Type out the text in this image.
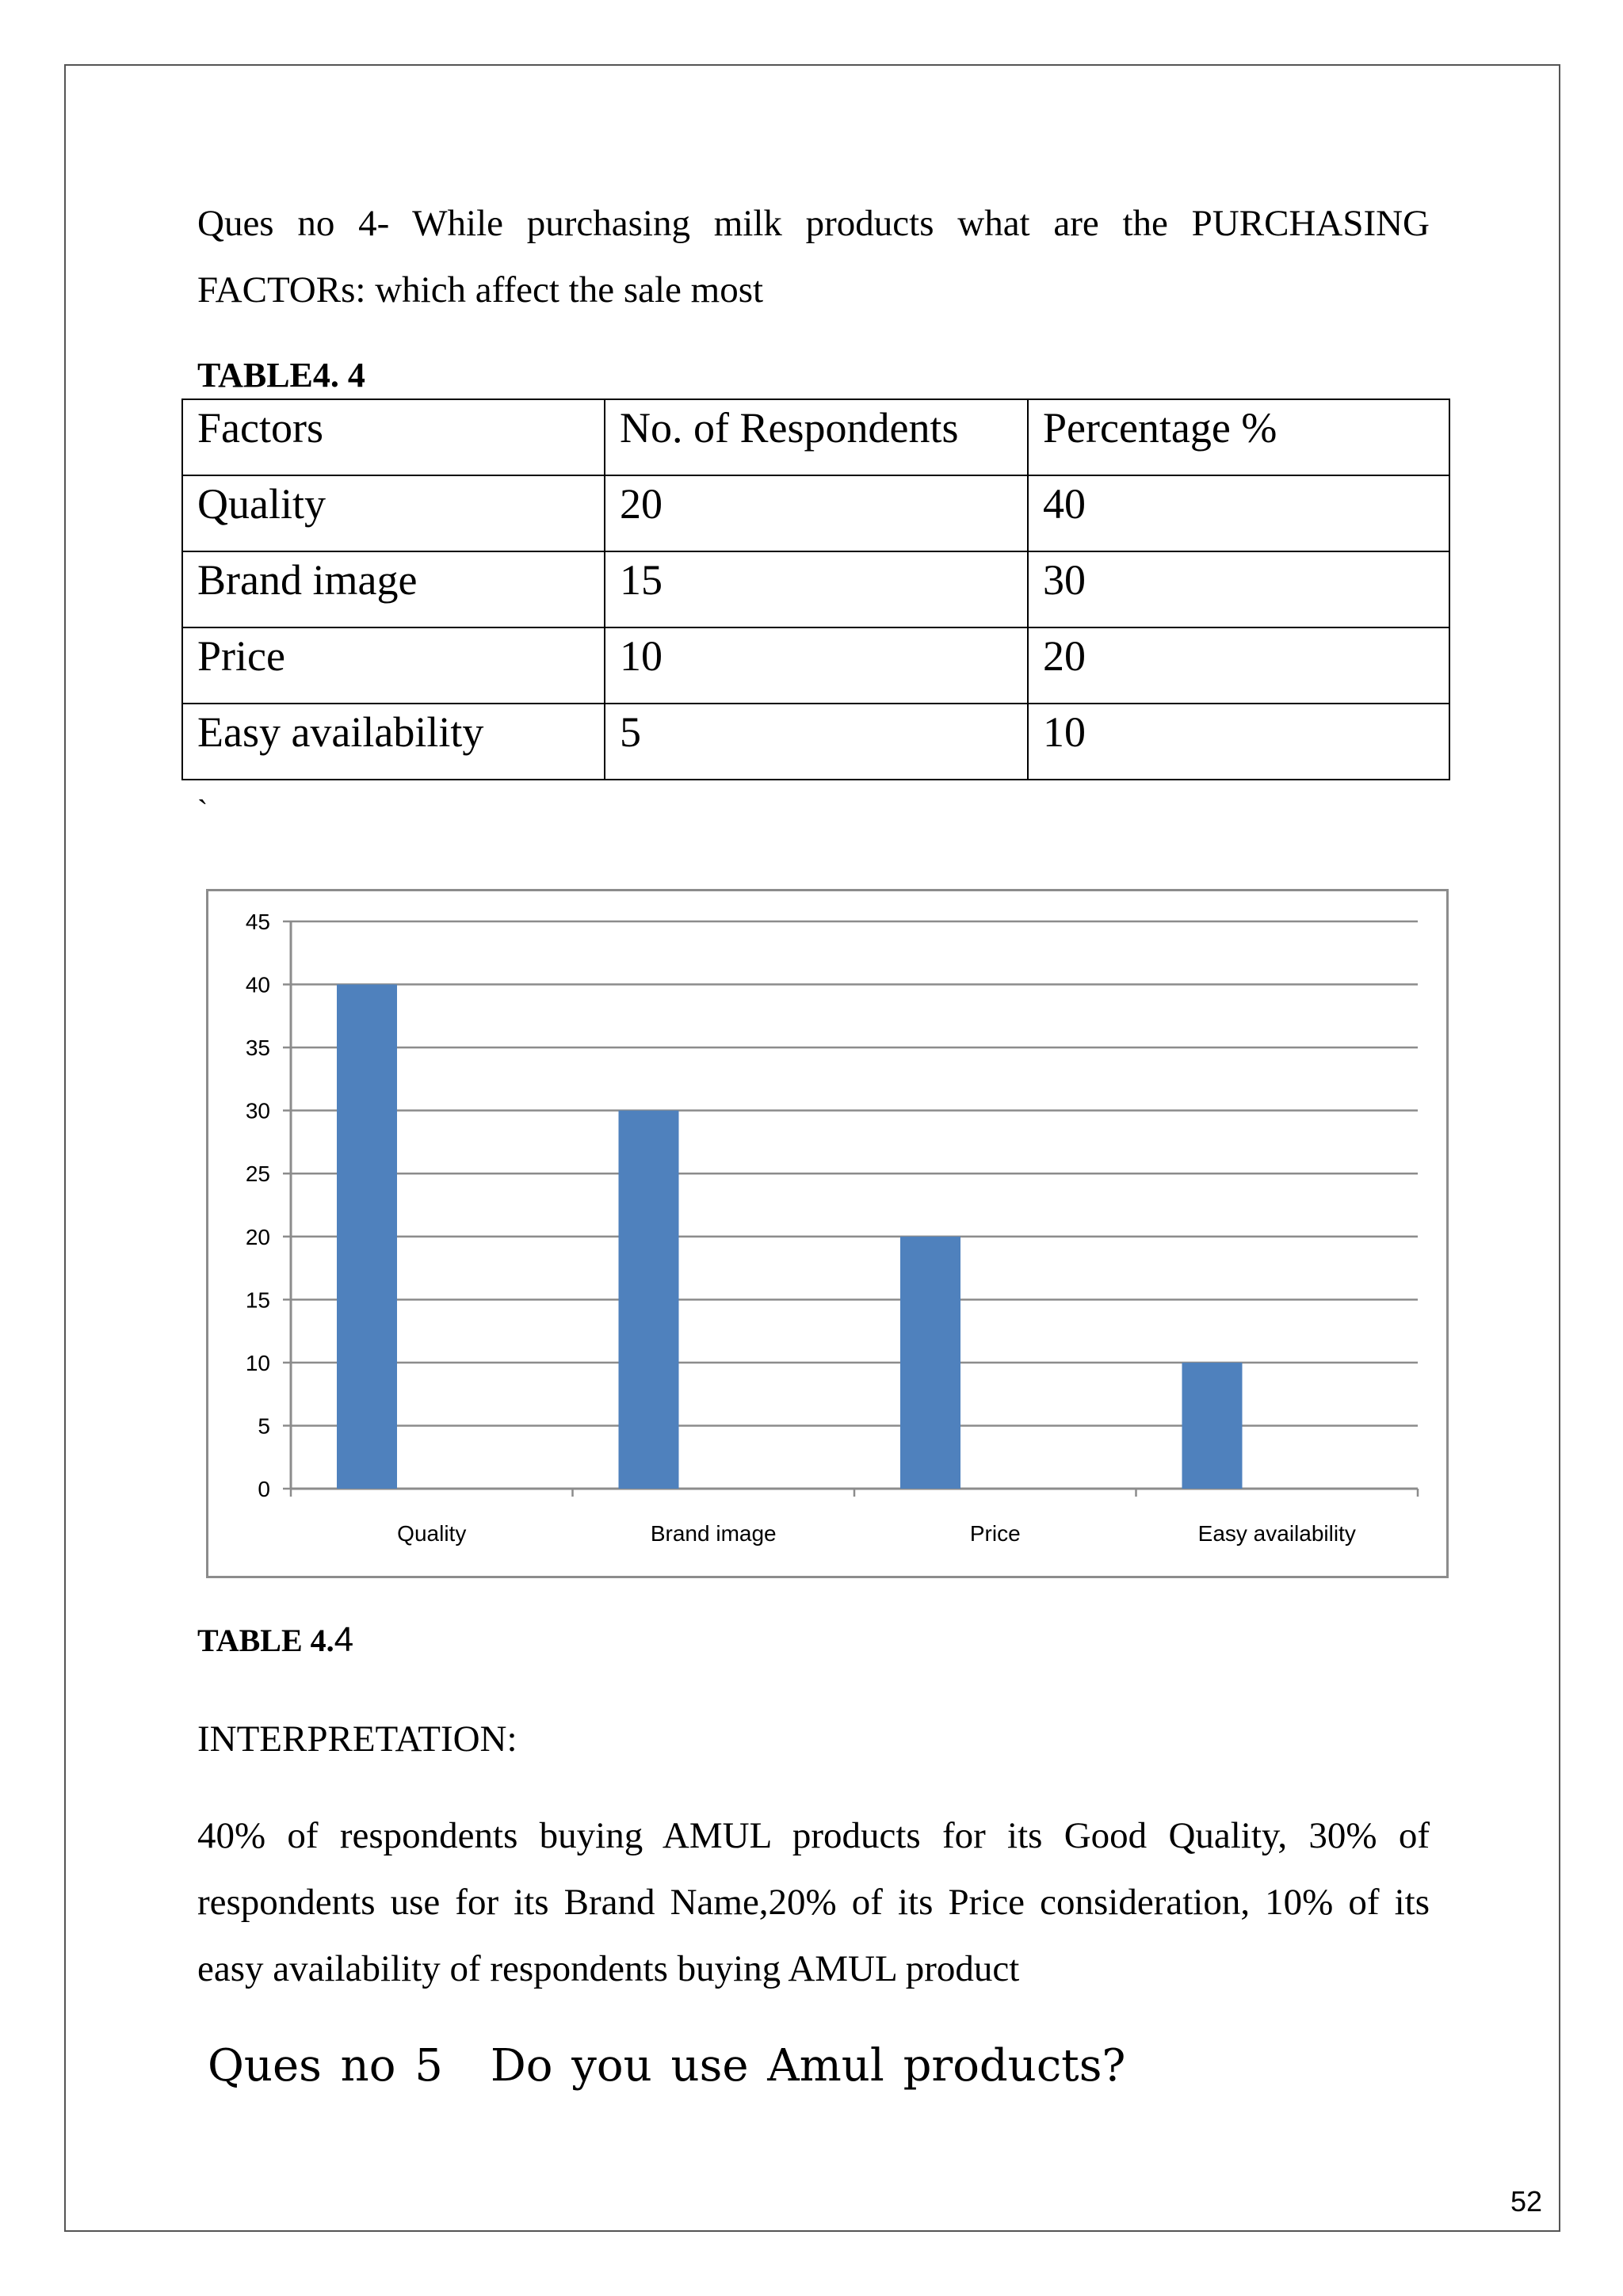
Ques no 4- While purchasing milk products what are the PURCHASING FACTORs: which affect the sale most
TABLE4. 4
Factors	No. of Respondents	Percentage %
Quality	20	40
Brand image	15	30
Price	10	20
Easy availability	5	10
`
0
5
10
15
20
25
30
35
40
45
Quality	Brand image	Price	Easy availability
TABLE 4.4
INTERPRETATION:
40% of respondents buying AMUL products for its Good Quality, 30% of respondents use for its Brand Name,20% of its Price consideration, 10% of its easy availability of respondents buying AMUL product
Ques no 5 Do you use Amul products?
52
